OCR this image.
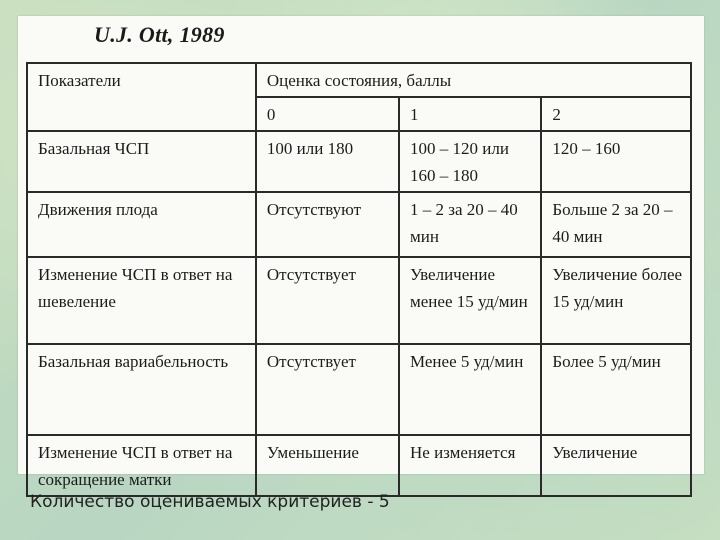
U.J. Ott, 1989
Показатели	Оценка состояния, баллы		
	0	1	2
Базальная ЧСП	100 или 180	100 – 120 или 160 – 180	120 – 160
Движения плода	Отсутствуют	1 – 2 за 20 – 40 мин	Больше 2 за 20 – 40 мин
Изменение ЧСП в ответ на шевеление	Отсутствует	Увеличение менее 15 уд/мин	Увеличение более 15 уд/мин
Базальная вариабельность	Отсутствует	Менее 5 уд/мин	Более 5 уд/мин
Изменение ЧСП в ответ на сокращение матки	Уменьшение	Не изменяется	Увеличение
Количество оцениваемых критериев - 5
